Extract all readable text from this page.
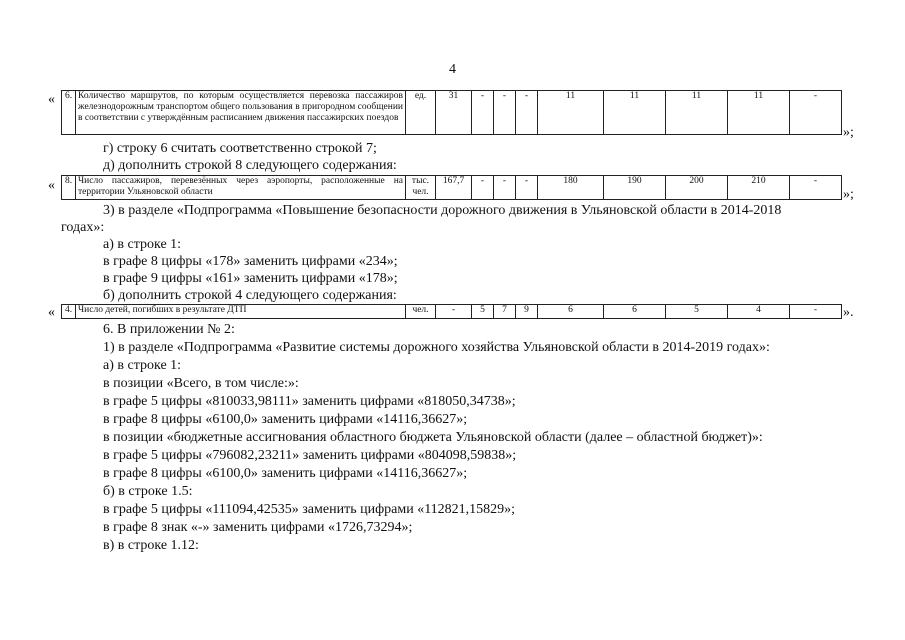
4
« 6.	Количество маршрутов, по которым осуществляется перевозка пассажиров железнодорожным транспортом общего пользования в пригородном сообщении в соответствии с утверждённым расписанием движения пассажирских поездов	ед.	31	-	-	-	11	11	11	11	-
»;
г) строку 6 считать соответственно строкой 7;
д) дополнить строкой 8 следующего содержания:
« 8.	Число пассажиров, перевезённых через аэропорты, расположенные на территории Ульяновской области	тыс. чел.	167,7	-	-	-	180	190	200	210	-
»;
3) в разделе «Подпрограмма «Повышение безопасности дорожного движения в Ульяновской области в 2014-2018
годах»:
а) в строке 1:
в графе 8 цифры «178» заменить цифрами «234»;
в графе 9 цифры «161» заменить цифрами «178»;
б) дополнить строкой 4 следующего содержания:
« 4.	Число детей, погибших в результате ДТП	чел.	-	5	7	9	6	6	5	4	- ».
6. В приложении № 2:
1) в разделе «Подпрограмма «Развитие системы дорожного хозяйства Ульяновской области в 2014-2019 годах»:
а) в строке 1:
в позиции «Всего, в том числе:»:
в графе 5 цифры «810033,98111» заменить цифрами «818050,34738»;
в графе 8 цифры «6100,0» заменить цифрами «14116,36627»;
в позиции «бюджетные ассигнования областного бюджета Ульяновской области (далее – областной бюджет)»:
в графе 5 цифры «796082,23211» заменить цифрами «804098,59838»;
в графе 8 цифры «6100,0» заменить цифрами «14116,36627»;
б) в строке 1.5:
в графе 5 цифры «111094,42535» заменить цифрами «112821,15829»;
в графе 8 знак «-» заменить цифрами «1726,73294»;
в) в строке 1.12:
